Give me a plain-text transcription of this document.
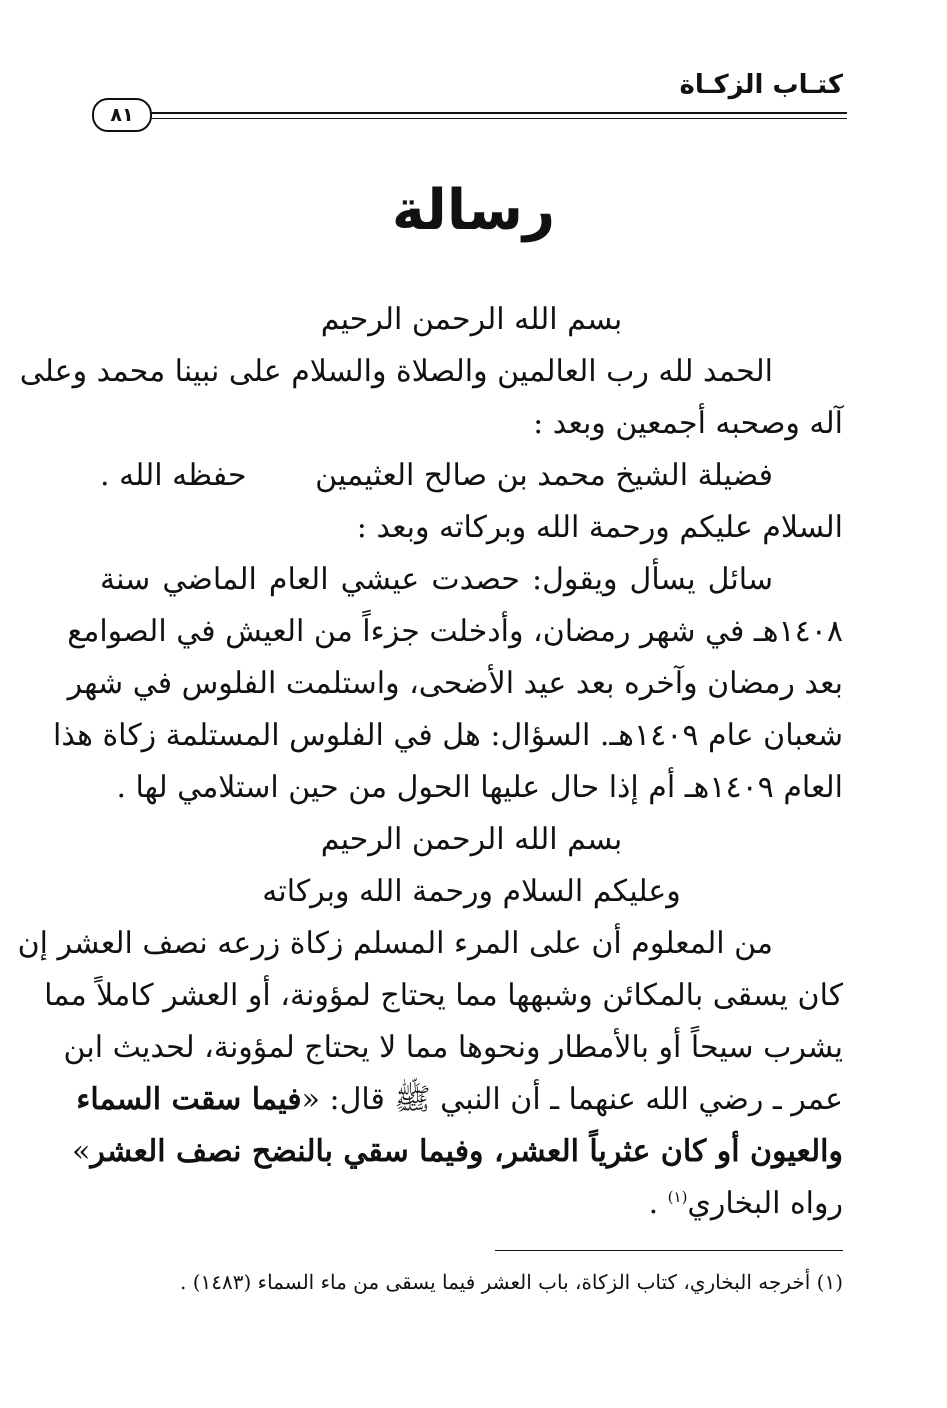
كتـاب الزكـاة
٨١
رسالة
بسم الله الرحمن الرحيم
الحمد لله رب العالمين والصلاة والسلام على نبينا محمد وعلى
آله وصحبه أجمعين وبعد :
فضيلة الشيخ محمد بن صالح العثيمين
حفظه الله .
السلام عليكم ورحمة الله وبركاته وبعد :
سائل يسأل ويقول: حصدت عيشي العام الماضي سنة
١٤٠٨هـ في شهر رمضان، وأدخلت جزءاً من العيش في الصوامع
بعد رمضان وآخره بعد عيد الأضحى، واستلمت الفلوس في شهر
شعبان عام ١٤٠٩هـ. السؤال: هل في الفلوس المستلمة زكاة هذا
العام ١٤٠٩هـ أم إذا حال عليها الحول من حين استلامي لها .
بسم الله الرحمن الرحيم
وعليكم السلام ورحمة الله وبركاته
من المعلوم أن على المرء المسلم زكاة زرعه نصف العشر إن
كان يسقى بالمكائن وشبهها مما يحتاج لمؤونة، أو العشر كاملاً مما
يشرب سيحاً أو بالأمطار ونحوها مما لا يحتاج لمؤونة، لحديث ابن
عمر ـ رضي الله عنهما ـ أن النبي ﷺ قال: «فيما سقت السماء
والعيون أو كان عثرياً العشر، وفيما سقي بالنضح نصف العشر»
رواه البخاري$^{(١)}$ .
(١) أخرجه البخاري، كتاب الزكاة، باب العشر فيما يسقى من ماء السماء (١٤٨٣) .
